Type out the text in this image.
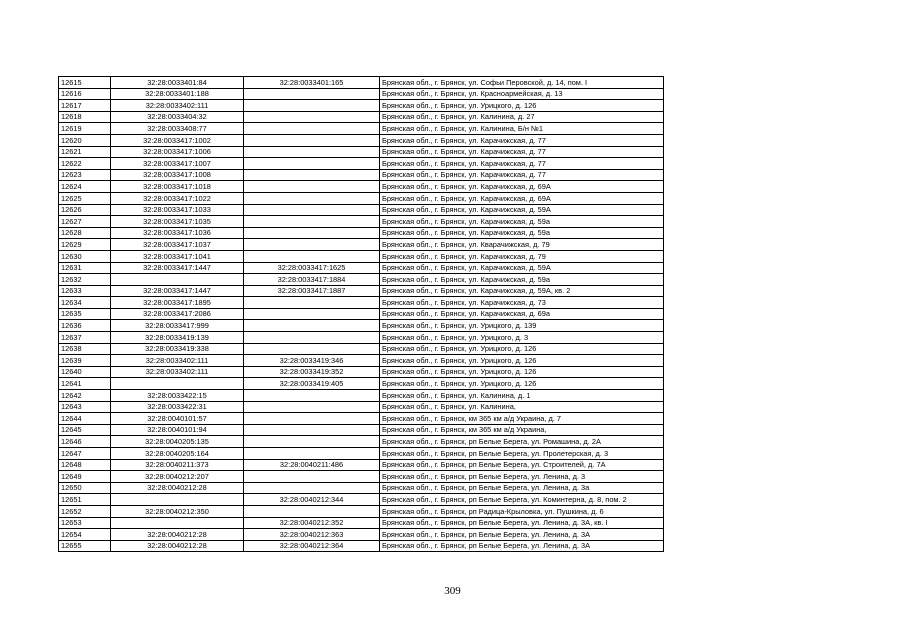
12615	32:28:0033401:84	32:28:0033401:165	Брянская обл., г. Брянск, ул. Софьи Перовской, д. 14, пом. I
12616	32:28:0033401:188		Брянская обл., г. Брянск, ул. Красноармейская, д. 13
12617	32:28:0033402:111		Брянская обл., г. Брянск, ул. Урицкого, д. 126
12618	32:28:0033404:32		Брянская обл., г. Брянск, ул. Калинина, д. 27
12619	32:28:0033408:77		Брянская обл., г. Брянск, ул. Калинина, Б/н №1
12620	32:28:0033417:1002		Брянская обл., г. Брянск, ул. Карачижская, д. 77
12621	32:28:0033417:1006		Брянская обл., г. Брянск, ул. Карачижская, д. 77
12622	32:28:0033417:1007		Брянская обл., г. Брянск, ул. Карачижская, д. 77
12623	32:28:0033417:1008		Брянская обл., г. Брянск, ул. Карачижская, д. 77
12624	32:28:0033417:1018		Брянская обл., г. Брянск, ул. Карачижская, д. 69А
12625	32:28:0033417:1022		Брянская обл., г. Брянск, ул. Карачижская, д. 69А
12626	32:28:0033417:1033		Брянская обл., г. Брянск, ул. Карачижская, д. 59А
12627	32:28:0033417:1035		Брянская обл., г. Брянск, ул. Карачижская, д. 59а
12628	32:28:0033417:1036		Брянская обл., г. Брянск, ул. Карачижская, д. 59а
12629	32:28:0033417:1037		Брянская обл., г. Брянск, ул. Кварачижская, д. 79
12630	32:28:0033417:1041		Брянская обл., г. Брянск, ул. Карачижская, д. 79
12631	32:28:0033417:1447	32:28:0033417:1625	Брянская обл., г. Брянск, ул. Карачижская, д. 59А
12632		32:28:0033417:1884	Брянская обл., г. Брянск, ул. Карачижская, д. 59а
12633	32:28:0033417:1447	32:28:0033417:1887	Брянская обл., г. Брянск, ул. Карачижская, д. 59А, кв. 2
12634	32:28:0033417:1895		Брянская обл., г. Брянск, ул. Карачижская, д. 73
12635	32:28:0033417:2086		Брянская обл., г. Брянск, ул. Карачижская, д. 69а
12636	32:28:0033417:999		Брянская обл., г. Брянск, ул. Урицкого, д. 139
12637	32:28:0033419:139		Брянская обл., г. Брянск, ул. Урицкого, д. 3
12638	32:28:0033419:338		Брянская обл., г. Брянск, ул. Урицкого, д. 126
12639	32:28:0033402:111	32:28:0033419:346	Брянская обл., г. Брянск, ул. Урицкого, д. 126
12640	32:28:0033402:111	32:28:0033419:352	Брянская обл., г. Брянск, ул. Урицкого, д. 126
12641		32:28:0033419:405	Брянская обл., г. Брянск, ул. Урицкого, д. 126
12642	32:28:0033422:15		Брянская обл., г. Брянск, ул. Калинина, д. 1
12643	32:28:0033422:31		Брянская обл., г. Брянск, ул. Калинина,
12644	32:28:0040101:57		Брянская обл., г. Брянск, км 365 км а/д Украина, д. 7
12645	32:28:0040101:94		Брянская обл., г. Брянск, км 365 км а/д Украина,
12646	32:28:0040205:135		Брянская обл., г. Брянск, рп Белые Берега, ул. Ромашина, д. 2А
12647	32:28:0040205:164		Брянская обл., г. Брянск, рп Белые Берега, ул. Пролетерская, д. 3
12648	32:28:0040211:373	32:28:0040211:486	Брянская обл., г. Брянск, рп Белые Берега, ул. Строителей, д. 7А
12649	32:28:0040212:207		Брянская обл., г. Брянск, рп Белые Берега, ул. Ленина, д. 3
12650	32:28:0040212:28		Брянская обл., г. Брянск, рп Белые Берега, ул. Ленина, д. 3а
12651		32:28:0040212:344	Брянская обл., г. Брянск, рп Белые Берега, ул. Коминтерна, д. 8, пом. 2
12652	32:28:0040212:350		Брянская обл., г. Брянск, рп Радица-Крыловка, ул. Пушкина, д. 6
12653		32:28:0040212:352	Брянская обл., г. Брянск, рп Белые Берега, ул. Ленина, д. 3А, кв. I
12654	32:28:0040212:28	32:28:0040212:363	Брянская обл., г. Брянск, рп Белые Берега, ул. Ленина, д. 3А
12655	32:28:0040212:28	32:28:0040212:364	Брянская обл., г. Брянск, рп Белые Берега, ул. Ленина, д. 3А
309
